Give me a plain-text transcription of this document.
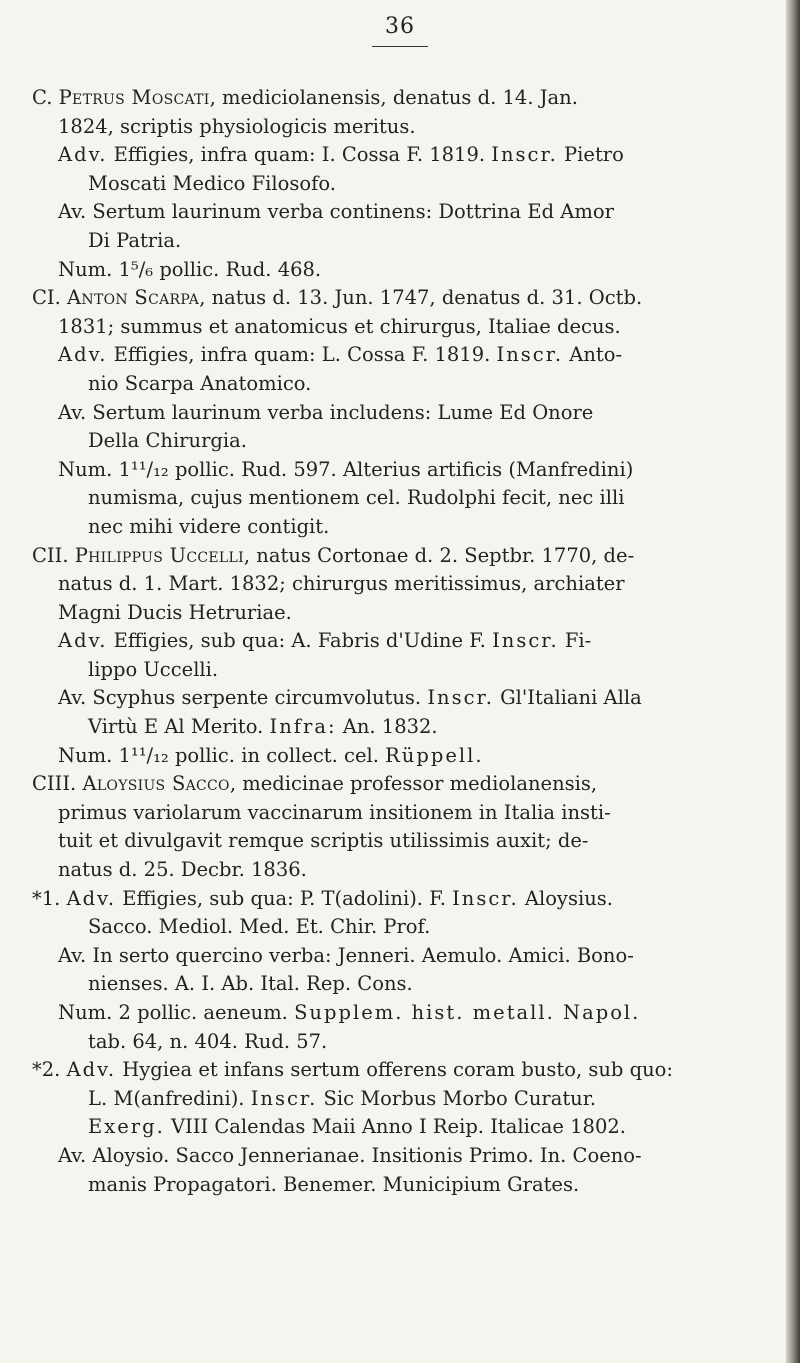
36
C. Petrus Moscati, mediciolanensis, denatus d. 14. Jan.
1824, scriptis physiologicis meritus.
Adv. Effigies, infra quam: I. Cossa F. 1819. Inscr. Pietro
Moscati Medico Filosofo.
Av. Sertum laurinum verba continens: Dottrina Ed Amor
Di Patria.
Num. 1⁵/₆ pollic. Rud. 468.
CI. Anton Scarpa, natus d. 13. Jun. 1747, denatus d. 31. Octb.
1831; summus et anatomicus et chirurgus, Italiae decus.
Adv. Effigies, infra quam: L. Cossa F. 1819. Inscr. Anto-
nio Scarpa Anatomico.
Av. Sertum laurinum verba includens: Lume Ed Onore
Della Chirurgia.
Num. 1¹¹/₁₂ pollic. Rud. 597. Alterius artificis (Manfredini)
numisma, cujus mentionem cel. Rudolphi fecit, nec illi
nec mihi videre contigit.
CII. Philippus Uccelli, natus Cortonae d. 2. Septbr. 1770, de-
natus d. 1. Mart. 1832; chirurgus meritissimus, archiater
Magni Ducis Hetruriae.
Adv. Effigies, sub qua: A. Fabris d'Udine F. Inscr. Fi-
lippo Uccelli.
Av. Scyphus serpente circumvolutus. Inscr. Gl'Italiani Alla
Virtù E Al Merito. Infra: An. 1832.
Num. 1¹¹/₁₂ pollic. in collect. cel. Rüppell.
CIII. Aloysius Sacco, medicinae professor mediolanensis,
primus variolarum vaccinarum insitionem in Italia insti-
tuit et divulgavit remque scriptis utilissimis auxit; de-
natus d. 25. Decbr. 1836.
*1. Adv. Effigies, sub qua: P. T(adolini). F. Inscr. Aloysius.
Sacco. Mediol. Med. Et. Chir. Prof.
Av. In serto quercino verba: Jenneri. Aemulo. Amici. Bono-
nienses. A. I. Ab. Ital. Rep. Cons.
Num. 2 pollic. aeneum. Supplem. hist. metall. Napol.
tab. 64, n. 404. Rud. 57.
*2. Adv. Hygiea et infans sertum offerens coram busto, sub quo:
L. M(anfredini). Inscr. Sic Morbus Morbo Curatur.
Exerg. VIII Calendas Maii Anno I Reip. Italicae 1802.
Av. Aloysio. Sacco Jennerianae. Insitionis Primo. In. Coeno-
manis Propagatori. Benemer. Municipium Grates.
